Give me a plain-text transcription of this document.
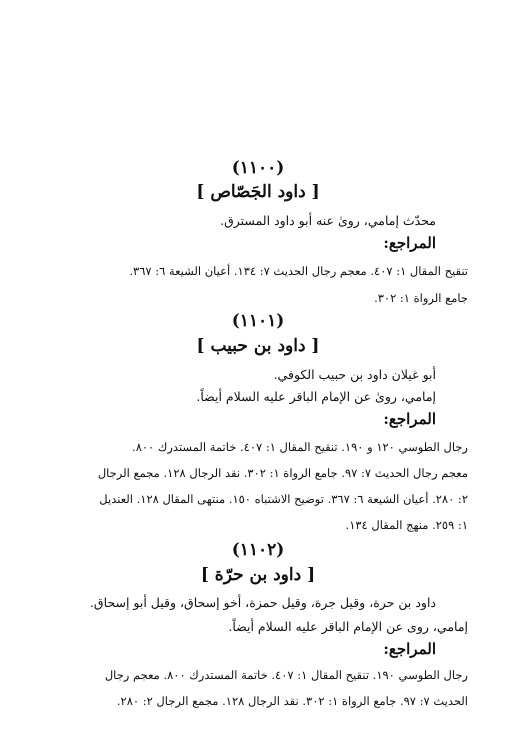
(١١٠٠)
[ داود الجَصّاص ]
محدّث إمامي، رویٰ عنه أبو داود المسترق.
المراجع:
تنقيح المقال ١: ٤٠٧. معجم رجال الحديث ٧: ١٣٤. أعيان الشيعة ٦: ٣٦٧.
جامع الرواة ١: ٣٠٢.
(١١٠١)
[ داود بن حبيب ]
أبو غيلان داود بن حبيب الكوفي.
إمامي، رویٰ عن الإمام الباقر عليه السلام أيضاً.
المراجع:
رجال الطوسي ١٢٠ و ١٩٠. تنقيح المقال ١: ٤٠٧. خاتمة المستدرك ٨٠٠.
معجم رجال الحديث ٧: ٩٧. جامع الرواة ١: ٣٠٢. نقد الرجال ١٢٨. مجمع الرجال
٢: ٢٨٠. أعيان الشيعة ٦: ٣٦٧. توضيح الاشتباه ١٥٠. منتهى المقال ١٢٨. العنديل
١: ٢٥٩. منهج المقال ١٣٤.
(١١٠٢)
[ داود بن حرّة ]
داود بن حرة، وقيل جرة، وقيل حمزة، أخو إسحاق، وقيل أبو إسحاق.
إمامي، روى عن الإمام الباقر عليه السلام أيضاً.
المراجع:
رجال الطوسي ١٩٠. تنقيح المقال ١: ٤٠٧. خاتمة المستدرك ٨٠٠. معجم رجال
الحديث ٧: ٩٧. جامع الرواة ١: ٣٠٢. نقد الرجال ١٢٨. مجمع الرجال ٢: ٢٨٠.
